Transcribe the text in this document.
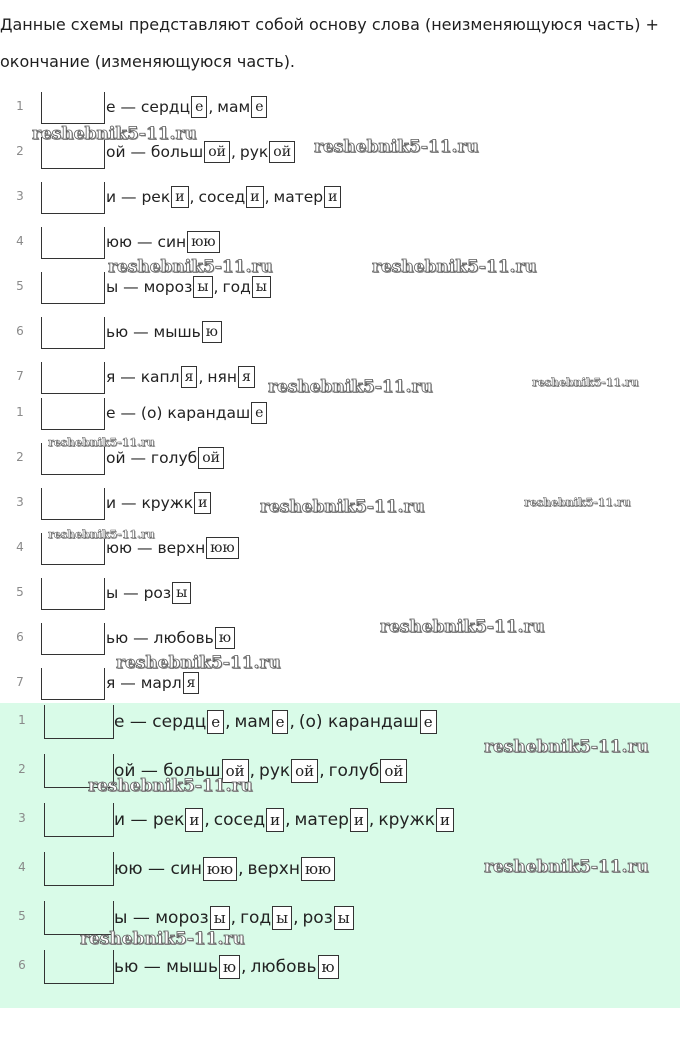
Данные схемы представляют собой основу слова (неизменяющуюся часть) + окончание (изменяющуюся часть).
1	е — сердц е , мам е
2	ой — больш ой , рук ой
3	и — рек и , сосед и , матер и
4	юю — син юю
5	ы — мороз ы , год ы
6	ью — мышь ю
7	я — капл я , нян я
1	е — (о) карандаш е
2	ой — голуб ой
3	и — кружк и
4	юю — верхн юю
5	ы — роз ы
6	ью — любовь ю
7	я — марл я
1	е — сердц е , мам е , (о) карандаш е
2	ой — больш ой , рук ой , голуб ой
3	и — рек и , сосед и , матер и , кружк и
4	юю — син юю , верхн юю
5	ы — мороз ы , год ы , роз ы
6	ью — мышь ю , любовь ю
reshebnik5-11.ru
reshebnik5-11.ru
reshebnik5-11.ru	reshebnik5-11.ru
reshebnik5-11.ru	reshebnik5-11.ru
reshebnik5-11.ru
reshebnik5-11.ru	reshebnik5-11.ru
reshebnik5-11.ru
reshebnik5-11.ru
reshebnik5-11.ru
reshebnik5-11.ru
reshebnik5-11.ru
reshebnik5-11.ru
reshebnik5-11.ru
